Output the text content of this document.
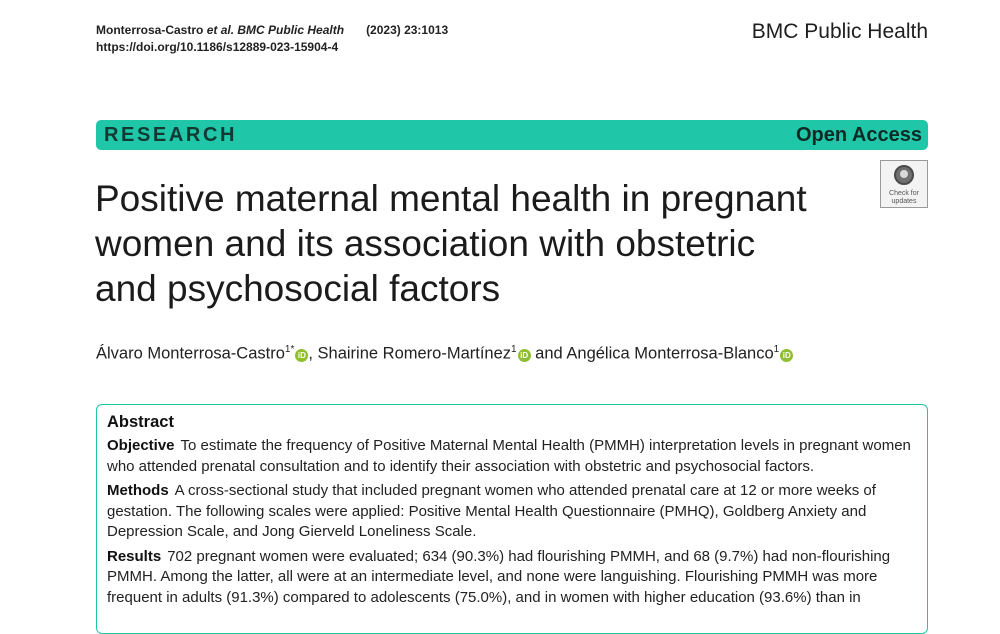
Monterrosa-Castro et al. BMC Public Health (2023) 23:1013
https://doi.org/10.1186/s12889-023-15904-4
BMC Public Health
RESEARCH	Open Access
Positive maternal mental health in pregnant
women and its association with obstetric
and psychosocial factors
Check for
updates
Álvaro Monterrosa-Castro$^{1*}$ iD , Shairine Romero-Martínez$^1$ iD and Angélica Monterrosa-Blanco$^1$ iD
Abstract

Objective To estimate the frequency of Positive Maternal Mental Health (PMMH) interpretation levels in pregnant women who attended prenatal consultation and to identify their association with obstetric and psychosocial factors.

Methods A cross-sectional study that included pregnant women who attended prenatal care at 12 or more weeks of gestation. The following scales were applied: Positive Mental Health Questionnaire (PMHQ), Goldberg Anxiety and Depression Scale, and Jong Gierveld Loneliness Scale.

Results 702 pregnant women were evaluated; 634 (90.3%) had flourishing PMMH, and 68 (9.7%) had non-flourishing PMMH. Among the latter, all were at an intermediate level, and none were languishing. Flourishing PMMH was more frequent in adults (91.3%) compared to adolescents (75.0%), and in women with higher education (93.6%) than in
